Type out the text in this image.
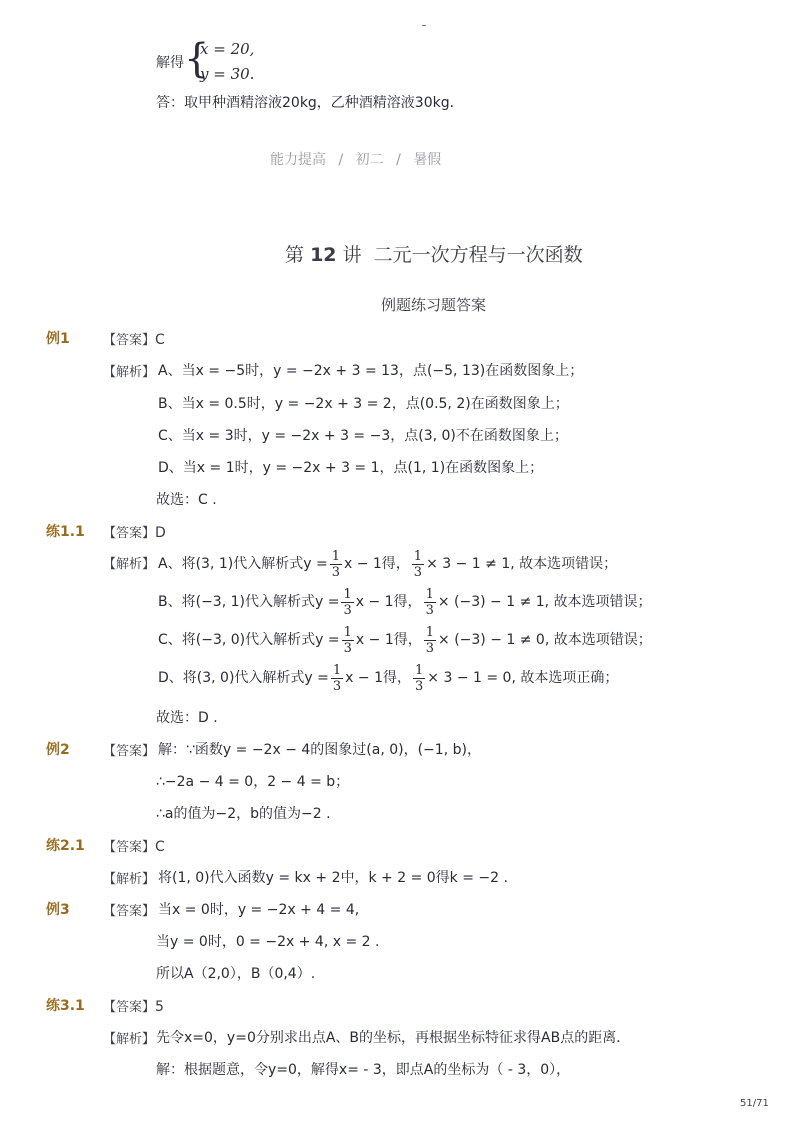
解得 {
x = 20,
y = 30.
答：取甲种酒精溶液20kg，乙种酒精溶液30kg．
能力提高 / 初二 / 暑假
第 12 讲 二元一次方程与一次函数
例题练习题答案
例1	【答案】C
【解析】 A、当x = −5时，y = −2x + 3 = 13，点(−5, 13)在函数图象上；
B、当x = 0.5时，y = −2x + 3 = 2，点(0.5, 2)在函数图象上；
C、当x = 3时，y = −2x + 3 = −3，点(3, 0)不在函数图象上；
D、当x = 1时，y = −2x + 3 = 1，点(1, 1)在函数图象上；
故选：C .
练1.1 【答案】D
【解析】 A、将(3, 1)代入解析式$y = \frac{1}{3}$ x − 1得， $\frac{1}{3} \times 3 - 1 \ne 1$, 故本选项错误；
B、将(−3, 1)代入解析式$y = \frac{1}{3}$ x − 1得， $\frac{1}{3} \times (-3) - 1 \ne 1$, 故本选项错误；
C、将(−3, 0)代入解析式$y = \frac{1}{3}$ x − 1得， $\frac{1}{3} \times (-3) - 1 \ne 0$, 故本选项错误；
D、将(3, 0)代入解析式$y = \frac{1}{3}$ x − 1得， $\frac{1}{3} \times 3 - 1 = 0$, 故本选项正确；
故选：D .
例2	【答案】 解：∵函数y = −2x − 4的图象过(a, 0)，(−1, b)，
∴−2a − 4 = 0，2 − 4 = b；
∴a的值为−2，b的值为−2 .
练2.1 【答案】C
【解析】 将(1, 0)代入函数y = kx + 2中，k + 2 = 0得k = −2 .
例3	【答案】 当x = 0时，y = −2x + 4 = 4,
当y = 0时，0 = −2x + 4, x = 2 .
所以A（2,0），B（0,4）.
练3.1 【答案】5
【解析】 先令x=0，y=0分别求出点A、B的坐标，再根据坐标特征求得AB点的距离．
解：根据题意，令y=0，解得x= - 3，即点A的坐标为（ - 3，0），
51/71
